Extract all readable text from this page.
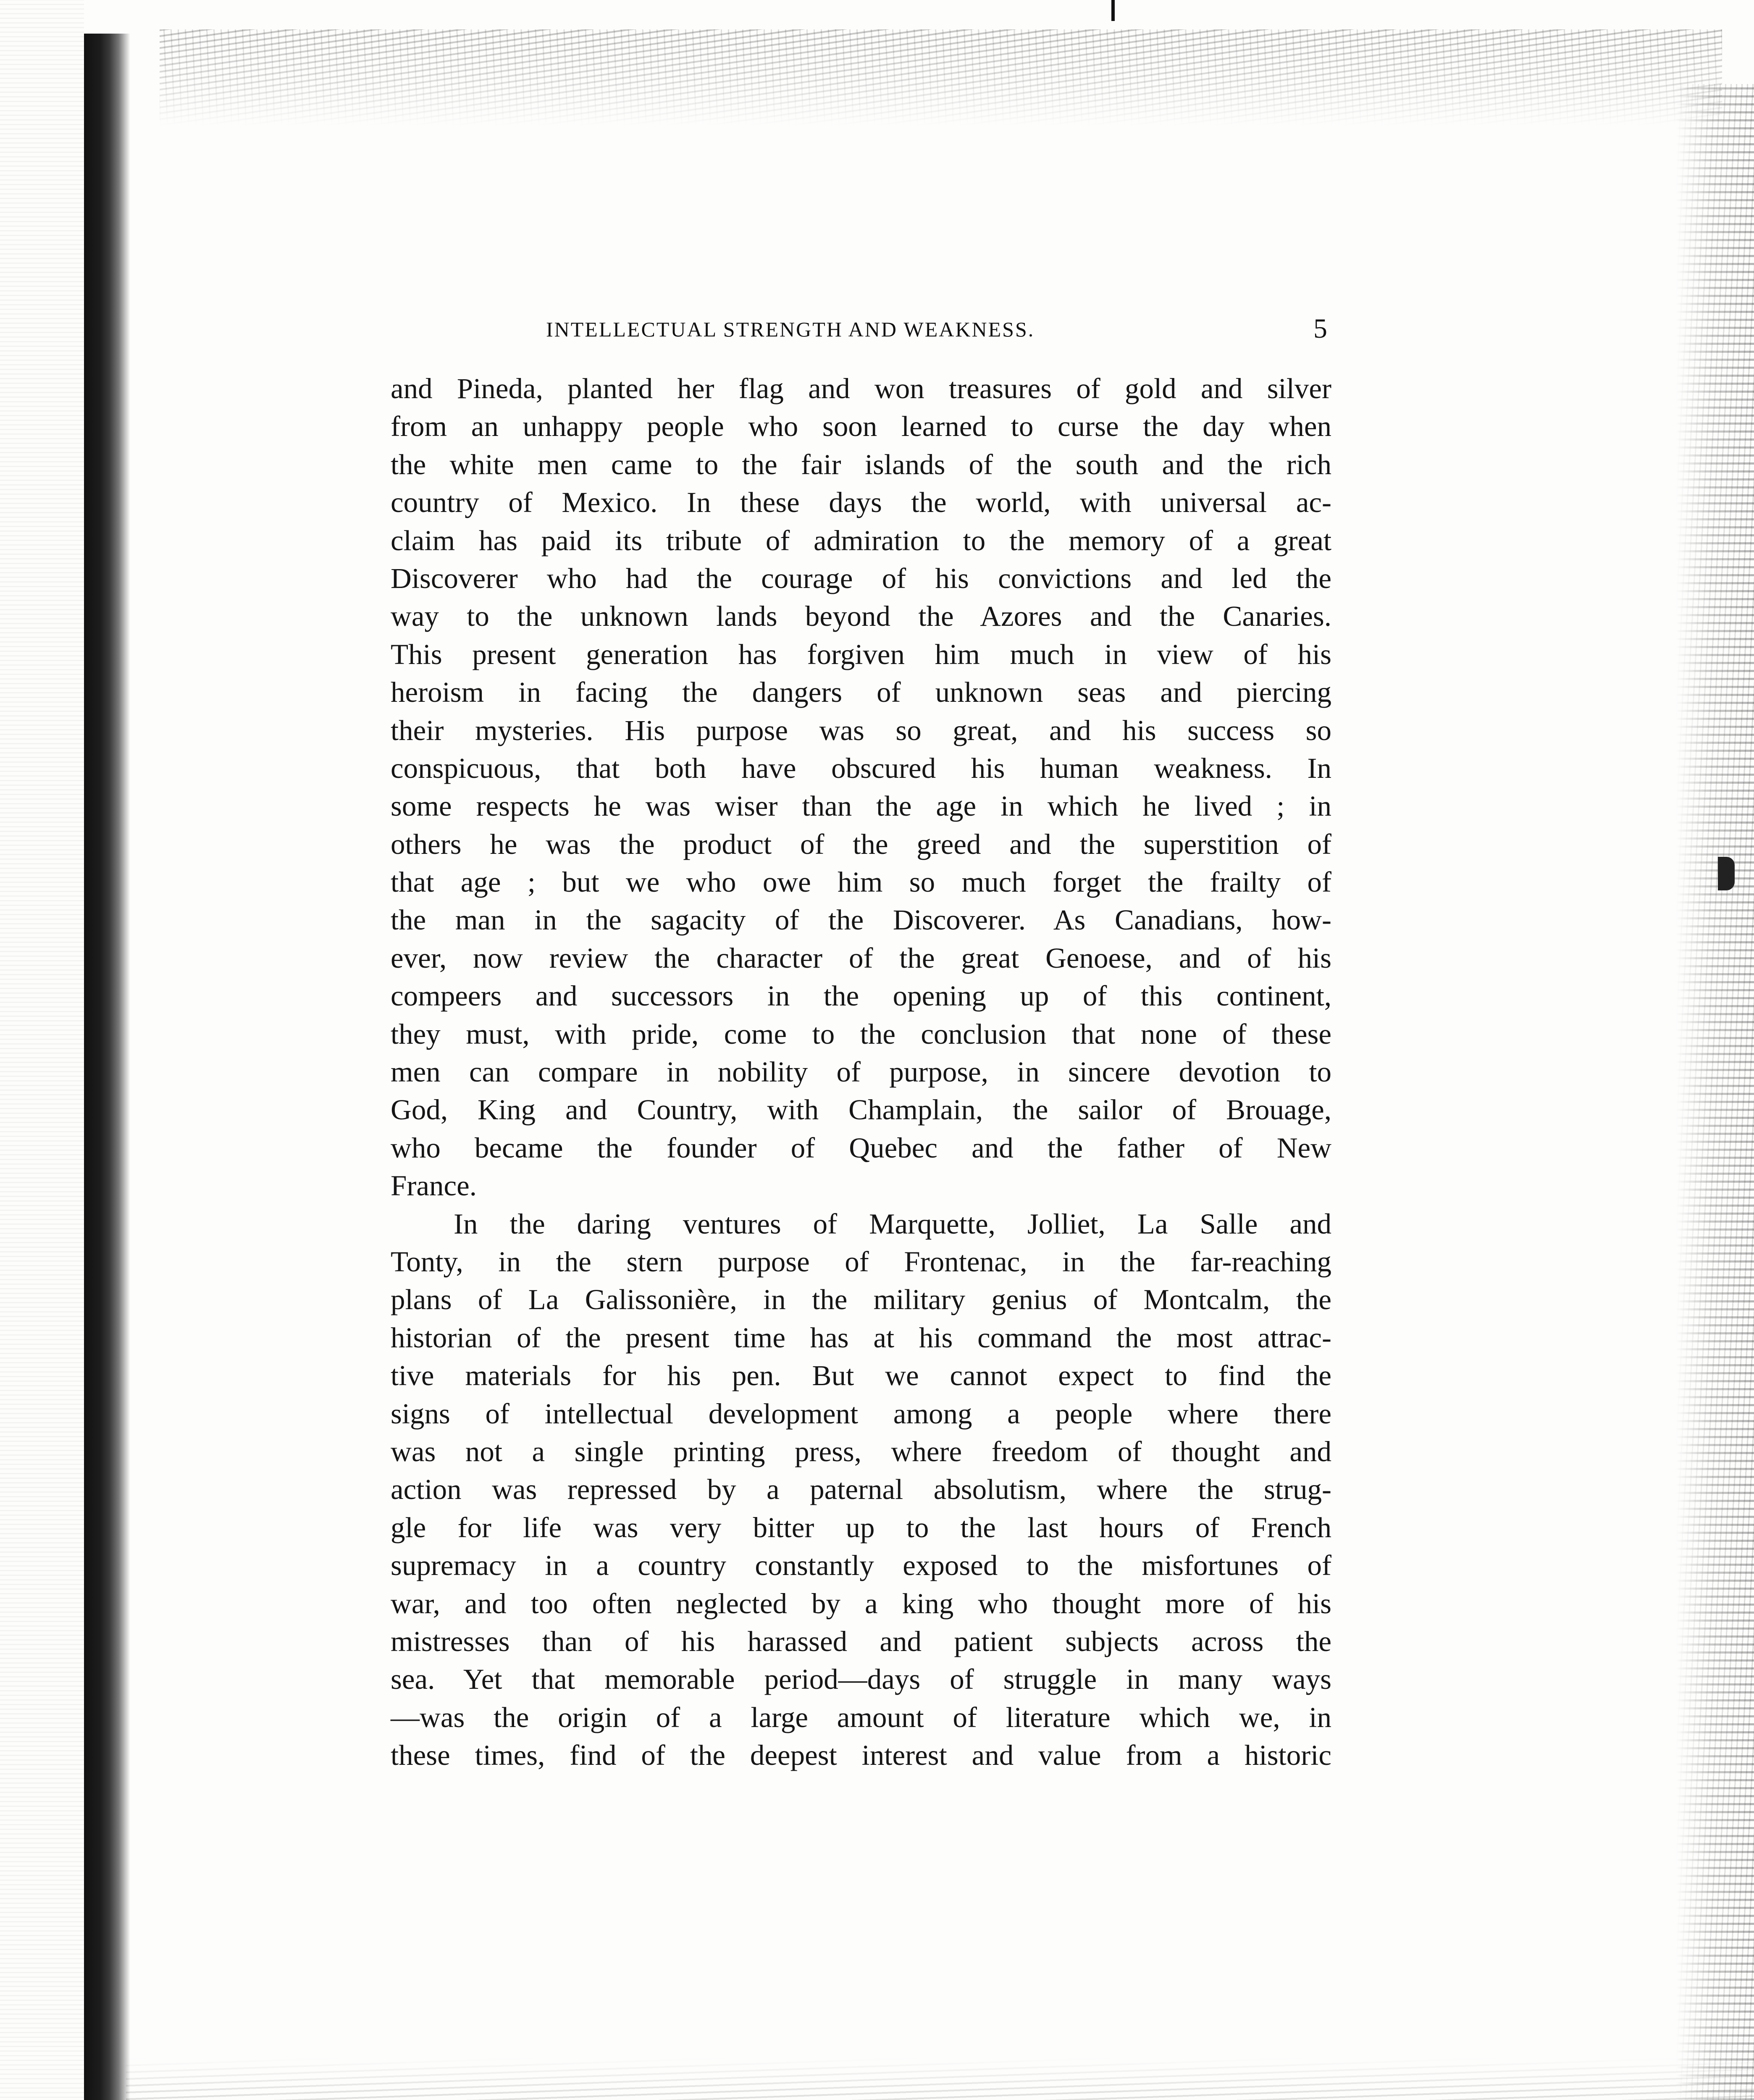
INTELLECTUAL STRENGTH AND WEAKNESS.	5
and Pineda, planted her flag and won treasures of gold and silver
from an unhappy people who soon learned to curse the day when
the white men came to the fair islands of the south and the rich
country of Mexico. In these days the world, with universal ac-
claim has paid its tribute of admiration to the memory of a great
Discoverer who had the courage of his convictions and led the
way to the unknown lands beyond the Azores and the Canaries.
This present generation has forgiven him much in view of his
heroism in facing the dangers of unknown seas and piercing
their mysteries. His purpose was so great, and his success so
conspicuous, that both have obscured his human weakness. In
some respects he was wiser than the age in which he lived ; in
others he was the product of the greed and the superstition of
that age ; but we who owe him so much forget the frailty of
the man in the sagacity of the Discoverer. As Canadians, how-
ever, now review the character of the great Genoese, and of his
compeers and successors in the opening up of this continent,
they must, with pride, come to the conclusion that none of these
men can compare in nobility of purpose, in sincere devotion to
God, King and Country, with Champlain, the sailor of Brouage,
who became the founder of Quebec and the father of New
France.
In the daring ventures of Marquette, Jolliet, La Salle and
Tonty, in the stern purpose of Frontenac, in the far-reaching
plans of La Galissonière, in the military genius of Montcalm, the
historian of the present time has at his command the most attrac-
tive materials for his pen. But we cannot expect to find the
signs of intellectual development among a people where there
was not a single printing press, where freedom of thought and
action was repressed by a paternal absolutism, where the strug-
gle for life was very bitter up to the last hours of French
supremacy in a country constantly exposed to the misfortunes of
war, and too often neglected by a king who thought more of his
mistresses than of his harassed and patient subjects across the
sea. Yet that memorable period—days of struggle in many ways
—was the origin of a large amount of literature which we, in
these times, find of the deepest interest and value from a historic
